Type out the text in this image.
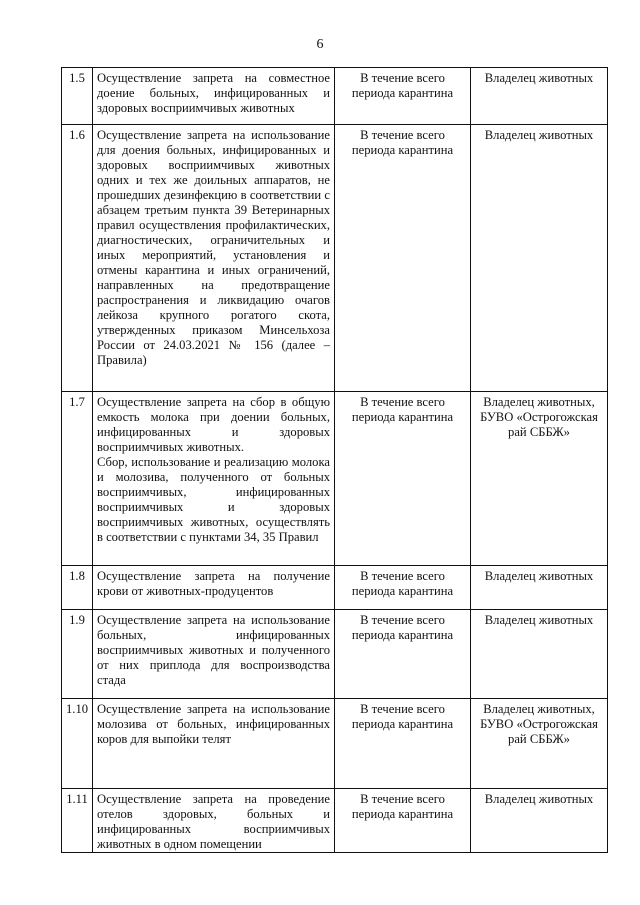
6
1.5	Осуществление запрета на совместное доение больных, инфицированных и здоровых восприимчивых животных	В течение всего периода карантина	Владелец животных
1.6	Осуществление запрета на использование для доения больных, инфицированных и здоровых восприимчивых животных одних и тех же доильных аппаратов, не прошедших дезинфекцию в соответствии с абзацем третьим пункта 39 Ветеринарных правил осуществления профилактических, диагностических, ограничительных и иных мероприятий, установления и отмены карантина и иных ограничений, направленных на предотвращение распространения и ликвидацию очагов лейкоза крупного рогатого скота, утвержденных приказом Минсельхоза России от 24.03.2021 № 156 (далее – Правила)	В течение всего периода карантина	Владелец животных
1.7	Осуществление запрета на сбор в общую емкость молока при доении больных, инфицированных и здоровых восприимчивых животных.
Сбор, использование и реализацию молока и молозива, полученного от больных восприимчивых, инфицированных восприимчивых и здоровых восприимчивых животных, осуществлять в соответствии с пунктами 34, 35 Правил	В течение всего периода карантина	Владелец животных, БУВО «Острогожская рай СББЖ»
1.8	Осуществление запрета на получение крови от животных-продуцентов	В течение всего периода карантина	Владелец животных
1.9	Осуществление запрета на использование больных, инфицированных восприимчивых животных и полученного от них приплода для воспроизводства стада	В течение всего периода карантина	Владелец животных
1.10	Осуществление запрета на использование молозива от больных, инфицированных коров для выпойки телят	В течение всего периода карантина	Владелец животных, БУВО «Острогожская рай СББЖ»
1.11	Осуществление запрета на проведение отелов здоровых, больных и инфицированных восприимчивых животных в одном помещении	В течение всего периода карантина	Владелец животных
